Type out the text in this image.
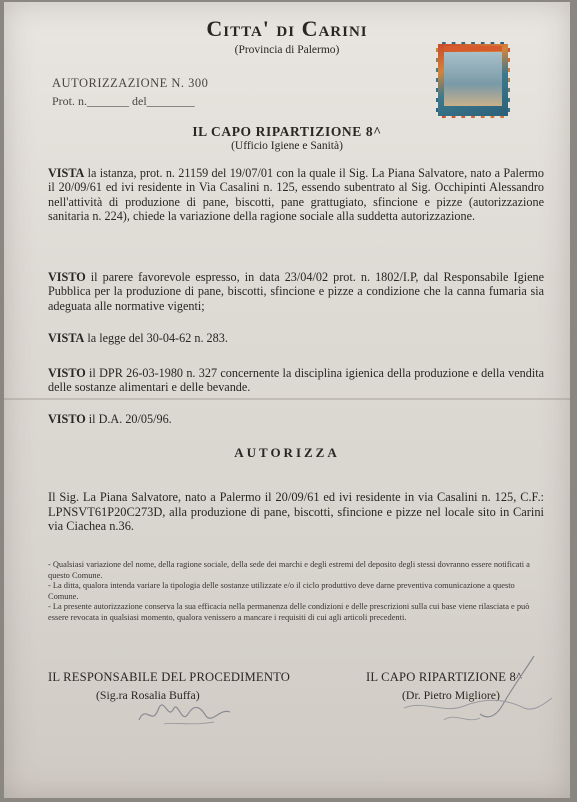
Citta' di Carini
(Provincia di Palermo)
AUTORIZZAZIONE N. 300
Prot. n._______ del________
IL CAPO RIPARTIZIONE 8^
(Ufficio Igiene e Sanità)
VISTA la istanza, prot. n. 21159 del 19/07/01 con la quale il Sig. La Piana Salvatore, nato a Palermo il 20/09/61 ed ivi residente in Via Casalini n. 125, essendo subentrato al Sig. Occhipinti Alessandro nell'attività di produzione di pane, biscotti, pane grattugiato, sfincione e pizze (autorizzazione sanitaria n. 224), chiede la variazione della ragione sociale alla suddetta autorizzazione.
VISTO il parere favorevole espresso, in data 23/04/02 prot. n. 1802/I.P, dal Responsabile Igiene Pubblica per la produzione di pane, biscotti, sfincione e pizze a condizione che la canna fumaria sia adeguata alle normative vigenti;
VISTA la legge del 30-04-62 n. 283.
VISTO il DPR 26-03-1980 n. 327 concernente la disciplina igienica della produzione e della vendita delle sostanze alimentari e delle bevande.
VISTO il D.A. 20/05/96.
AUTORIZZA
Il Sig. La Piana Salvatore, nato a Palermo il 20/09/61 ed ivi residente in via Casalini n. 125, C.F.: LPNSVT61P20C273D, alla produzione di pane, biscotti, sfincione e pizze nel locale sito in Carini via Ciachea n.36.
- Qualsiasi variazione del nome, della ragione sociale, della sede dei marchi e degli estremi del deposito degli stessi dovranno essere notificati a questo Comune.
- La ditta, qualora intenda variare la tipologia delle sostanze utilizzate e/o il ciclo produttivo deve darne preventiva comunicazione a questo Comune.
- La presente autorizzazione conserva la sua efficacia nella permanenza delle condizioni e delle prescrizioni sulla cui base viene rilasciata e può essere revocata in qualsiasi momento, qualora venissero a mancare i requisiti di cui agli articoli precedenti.
IL RESPONSABILE DEL PROCEDIMENTO
(Sig.ra Rosalia Buffa)
IL CAPO RIPARTIZIONE 8^
(Dr. Pietro Migliore)
